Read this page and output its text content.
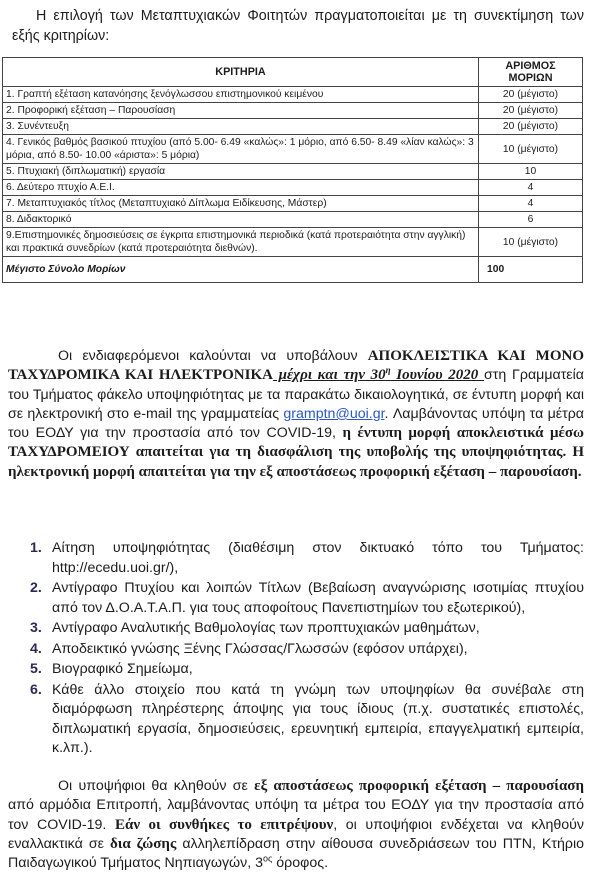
Η επιλογή των Μεταπτυχιακών Φοιτητών πραγματοποιείται με τη συνεκτίμηση των εξής κριτηρίων:
ΚΡΙΤΗΡΙΑ	ΑΡΙΘΜΟΣ ΜΟΡΙΩΝ
1. Γραπτή εξέταση κατανόησης ξενόγλωσσου επιστημονικού κειμένου	20 (μέγιστο)
2. Προφορική εξέταση – Παρουσίαση	20 (μέγιστο)
3. Συνέντευξη	20 (μέγιστο)
4. Γενικός βαθμός βασικού πτυχίου (από 5.00- 6.49 «καλώς»: 1 μόριο, από 6.50- 8.49 «λίαν καλώς»: 3 μόρια, από 8.50- 10.00 «άριστα»: 5 μόρια)	10 (μέγιστο)
5. Πτυχιακή (διπλωματική) εργασία	10
6. Δεύτερο πτυχίο Α.Ε.Ι.	4
7. Μεταπτυχιακός τίτλος (Μεταπτυχιακό Δίπλωμα Ειδίκευσης, Μάστερ)	4
8. Διδακτορικό	6
9.Επιστημονικές δημοσιεύσεις σε έγκριτα επιστημονικά περιοδικά (κατά προτεραιότητα στην αγγλική) και πρακτικά συνεδρίων (κατά προτεραιότητα διεθνών).	10 (μέγιστο)
Μέγιστο Σύνολο Μορίων	100
Οι ενδιαφερόμενοι καλούνται να υποβάλουν ΑΠΟΚΛΕΙΣΤΙΚΑ ΚΑΙ ΜΟΝΟ ΤΑΧΥΔΡΟΜΙΚΑ ΚΑΙ ΗΛΕΚΤΡΟΝΙΚΑ μέχρι και την $30^\eta$ Ιουνίου 2020 στη Γραμματεία του Τμήματος φάκελο υποψηφιότητας με τα παρακάτω δικαιολογητικά, σε έντυπη μορφή και σε ηλεκτρονική στο e-mail της γραμματείας gramptn@uoi.gr. Λαμβάνοντας υπόψη τα μέτρα του ΕΟΔΥ για την προστασία από τον COVID-19, η έντυπη μορφή αποκλειστικά μέσω ΤΑΧΥΔΡΟΜΕΙΟΥ απαιτείται για τη διασφάλιση της υποβολής της υποψηφιότητας. Η ηλεκτρονική μορφή απαιτείται για την εξ αποστάσεως προφορική εξέταση – παρουσίαση.
1. Αίτηση υποψηφιότητας (διαθέσιμη στον δικτυακό τόπο του Τμήματος: http://ecedu.uoi.gr/),
2. Αντίγραφο Πτυχίου και λοιπών Τίτλων (Βεβαίωση αναγνώρισης ισοτιμίας πτυχίου από τον Δ.Ο.Α.Τ.Α.Π. για τους αποφοίτους Πανεπιστημίων του εξωτερικού),
3. Αντίγραφο Αναλυτικής Βαθμολογίας των προπτυχιακών μαθημάτων,
4. Αποδεικτικό γνώσης Ξένης Γλώσσας/Γλωσσών (εφόσον υπάρχει),
5. Βιογραφικό Σημείωμα,
6. Κάθε άλλο στοιχείο που κατά τη γνώμη των υποψηφίων θα συνέβαλε στη διαμόρφωση πληρέστερης άποψης για τους ίδιους (π.χ. συστατικές επιστολές, διπλωματική εργασία, δημοσιεύσεις, ερευνητική εμπειρία, επαγγελματική εμπειρία, κ.λπ.).
Οι υποψήφιοι θα κληθούν σε εξ αποστάσεως προφορική εξέταση – παρουσίαση από αρμόδια Επιτροπή, λαμβάνοντας υπόψη τα μέτρα του ΕΟΔΥ για την προστασία από τον COVID-19. Εάν οι συνθήκες το επιτρέψουν, οι υποψήφιοι ενδέχεται να κληθούν εναλλακτικά σε δια ζώσης αλληλεπίδραση στην αίθουσα συνεδριάσεων του ΠΤΝ, Κτήριο Παιδαγωγικού Τμήματος Νηπιαγωγών, $3^{o\varsigma}$ όροφος.
